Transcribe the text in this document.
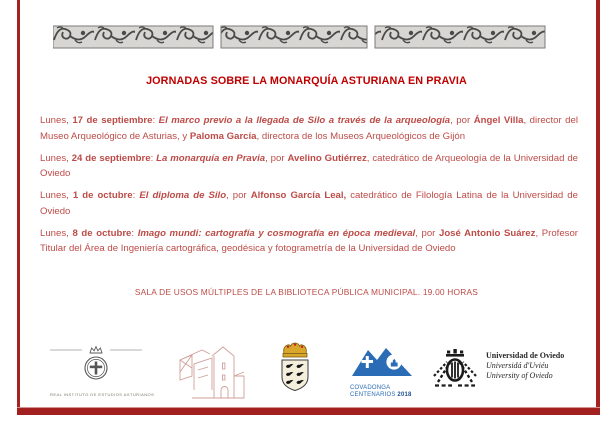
JORNADAS SOBRE LA MONARQUÍA ASTURIANA EN PRAVIA

Lunes, 17 de septiembre: El marco previo a la llegada de Silo a través de la arqueología, por Ángel Villa, director del Museo Arqueológico de Asturias, y Paloma García, directora de los Museos Arqueológicos de Gijón

Lunes, 24 de septiembre: La monarquía en Pravia, por Avelino Gutiérrez, catedrático de Arqueología de la Universidad de Oviedo

Lunes, 1 de octubre: El diploma de Silo, por Alfonso García Leal, catedrático de Filología Latina de la Universidad de Oviedo

Lunes, 8 de octubre: Imago mundi: cartografía y cosmografía en época medieval, por José Antonio Suárez, Profesor Titular del Área de Ingeniería cartográfica, geodésica y fotogrametría de la Universidad de Oviedo

SALA DE USOS MÚLTIPLES DE LA BIBLIOTECA PÚBLICA MUNICIPAL. 19.00 HORAS
REAL INSTITUTO DE ESTUDIOS ASTURIANOS
COVADONGA
CENTENARIOS 2018
Universidad de Oviedo
Universidá d'Uviéu
University of Oviedo
